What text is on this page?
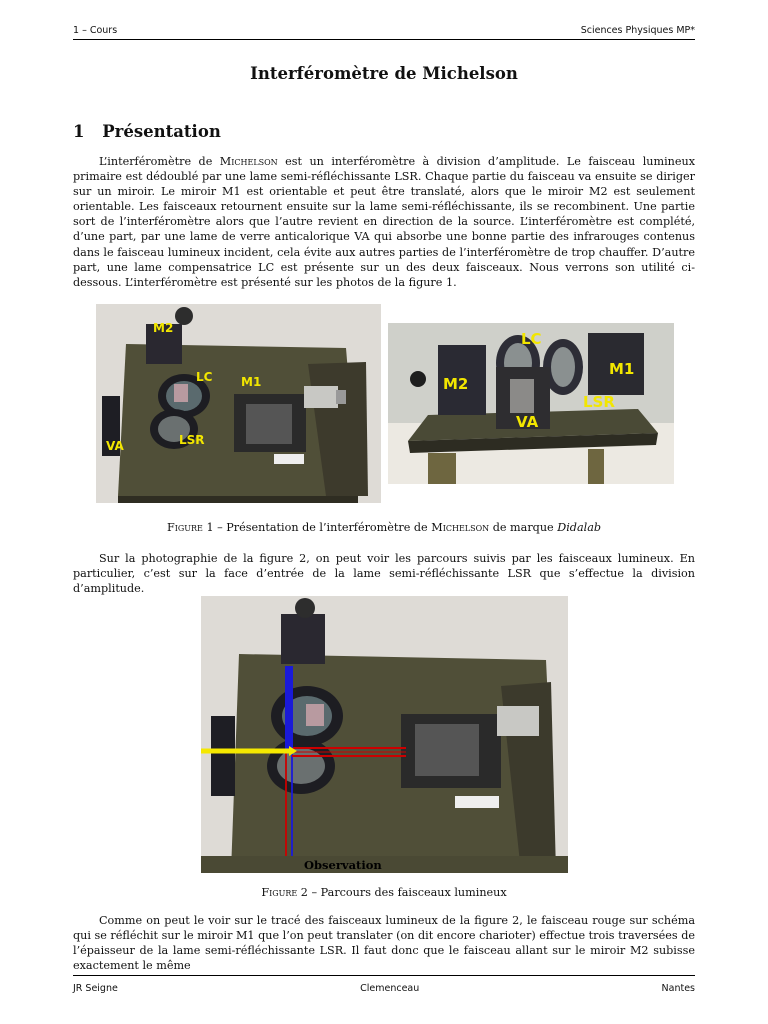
1 – Cours	Sciences Physiques MP*
Interféromètre de Michelson
1 Présentation
L’interféromètre de Michelson est un interféromètre à division d’amplitude. Le faisceau lumineux primaire est dédoublé par une lame semi-réfléchissante LSR. Chaque partie du faisceau va ensuite se diriger sur un miroir. Le miroir M1 est orientable et peut être translaté, alors que le miroir M2 est seulement orientable. Les faisceaux retournent ensuite sur la lame semi-réfléchissante, ils se recombinent. Une partie sort de l’interféromètre alors que l’autre revient en direction de la source. L’interféromètre est complété, d’une part, par une lame de verre anticalorique VA qui absorbe une bonne partie des infrarouges contenus dans le faisceau lumineux incident, cela évite aux autres parties de l’interféromètre de trop chauffer. D’autre part, une lame compensatrice LC est présente sur un des deux faisceaux. Nous verrons son utilité ci-dessous. L’interféromètre est présenté sur les photos de la figure 1.
M2
LC M1
VA	LSR
LC
M1
M2
LSR
VA
Figure 1 – Présentation de l’interféromètre de Michelson de marque Didalab
Sur la photographie de la figure 2, on peut voir les parcours suivis par les faisceaux lumineux. En particulier, c’est sur la face d’entrée de la lame semi-réfléchissante LSR que s’effectue la division d’amplitude.
Observation
Figure 2 – Parcours des faisceaux lumineux
Comme on peut le voir sur le tracé des faisceaux lumineux de la figure 2, le faisceau rouge sur schéma qui se réfléchit sur le miroir M1 que l’on peut translater (on dit encore charioter) effectue trois traversées de l’épaisseur de la lame semi-réfléchissante LSR. Il faut donc que le faisceau allant sur le miroir M2 subisse exactement le même
JR Seigne	Clemenceau	Nantes
